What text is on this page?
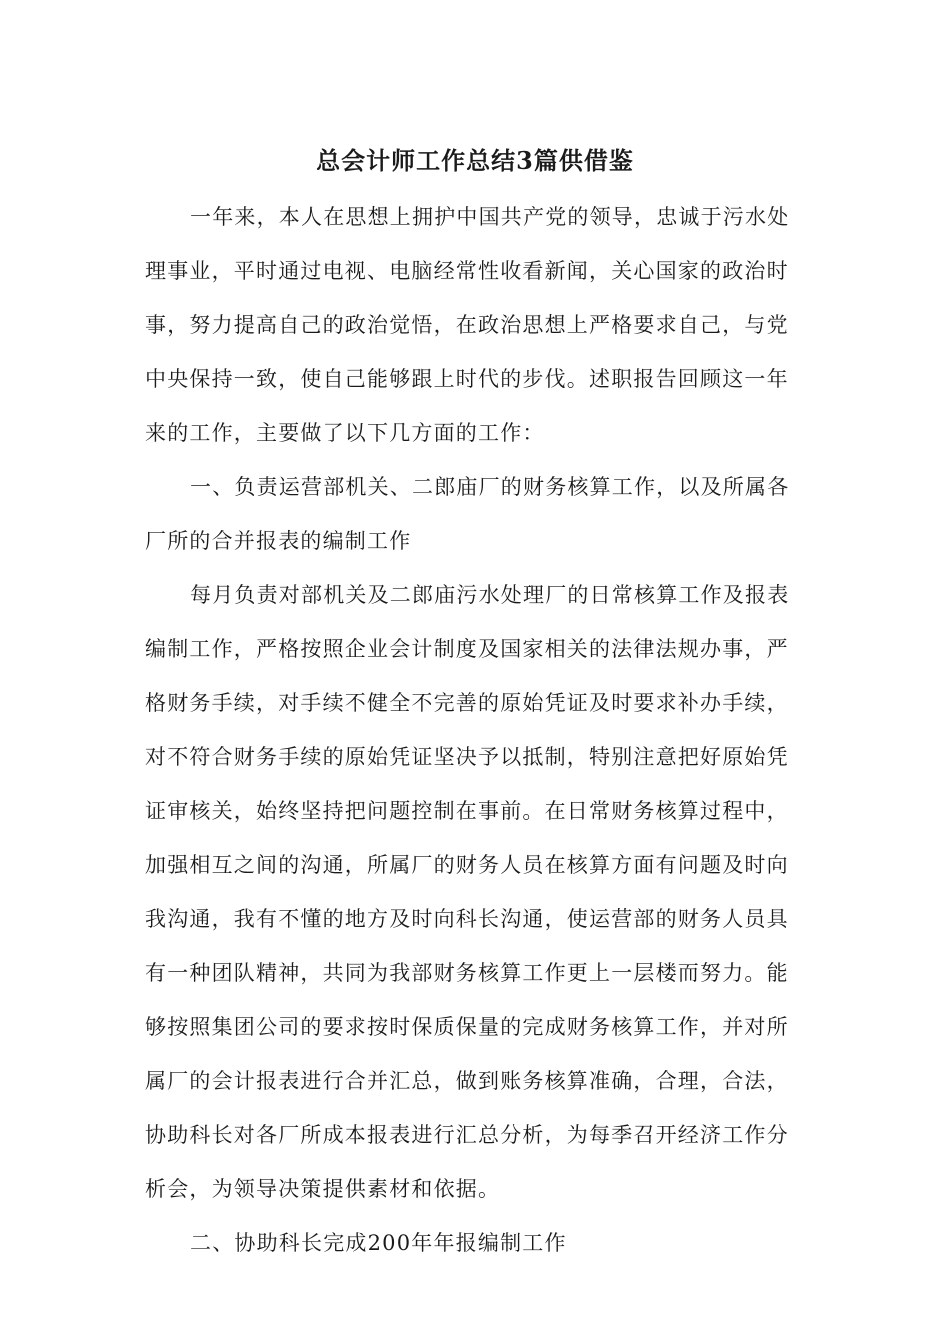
总会计师工作总结3篇供借鉴
一年来，本人在思想上拥护中国共产党的领导，忠诚于污水处
理事业，平时通过电视、电脑经常性收看新闻，关心国家的政治时
事，努力提高自己的政治觉悟，在政治思想上严格要求自己，与党
中央保持一致，使自己能够跟上时代的步伐。述职报告回顾这一年
来的工作，主要做了以下几方面的工作：
一、负责运营部机关、二郎庙厂的财务核算工作，以及所属各
厂所的合并报表的编制工作
每月负责对部机关及二郎庙污水处理厂的日常核算工作及报表
编制工作，严格按照企业会计制度及国家相关的法律法规办事，严
格财务手续，对手续不健全不完善的原始凭证及时要求补办手续，
对不符合财务手续的原始凭证坚决予以抵制，特别注意把好原始凭
证审核关，始终坚持把问题控制在事前。在日常财务核算过程中，
加强相互之间的沟通，所属厂的财务人员在核算方面有问题及时向
我沟通，我有不懂的地方及时向科长沟通，使运营部的财务人员具
有一种团队精神，共同为我部财务核算工作更上一层楼而努力。能
够按照集团公司的要求按时保质保量的完成财务核算工作，并对所
属厂的会计报表进行合并汇总，做到账务核算准确，合理，合法，
协助科长对各厂所成本报表进行汇总分析，为每季召开经济工作分
析会，为领导决策提供素材和依据。
二、协助科长完成200年年报编制工作
